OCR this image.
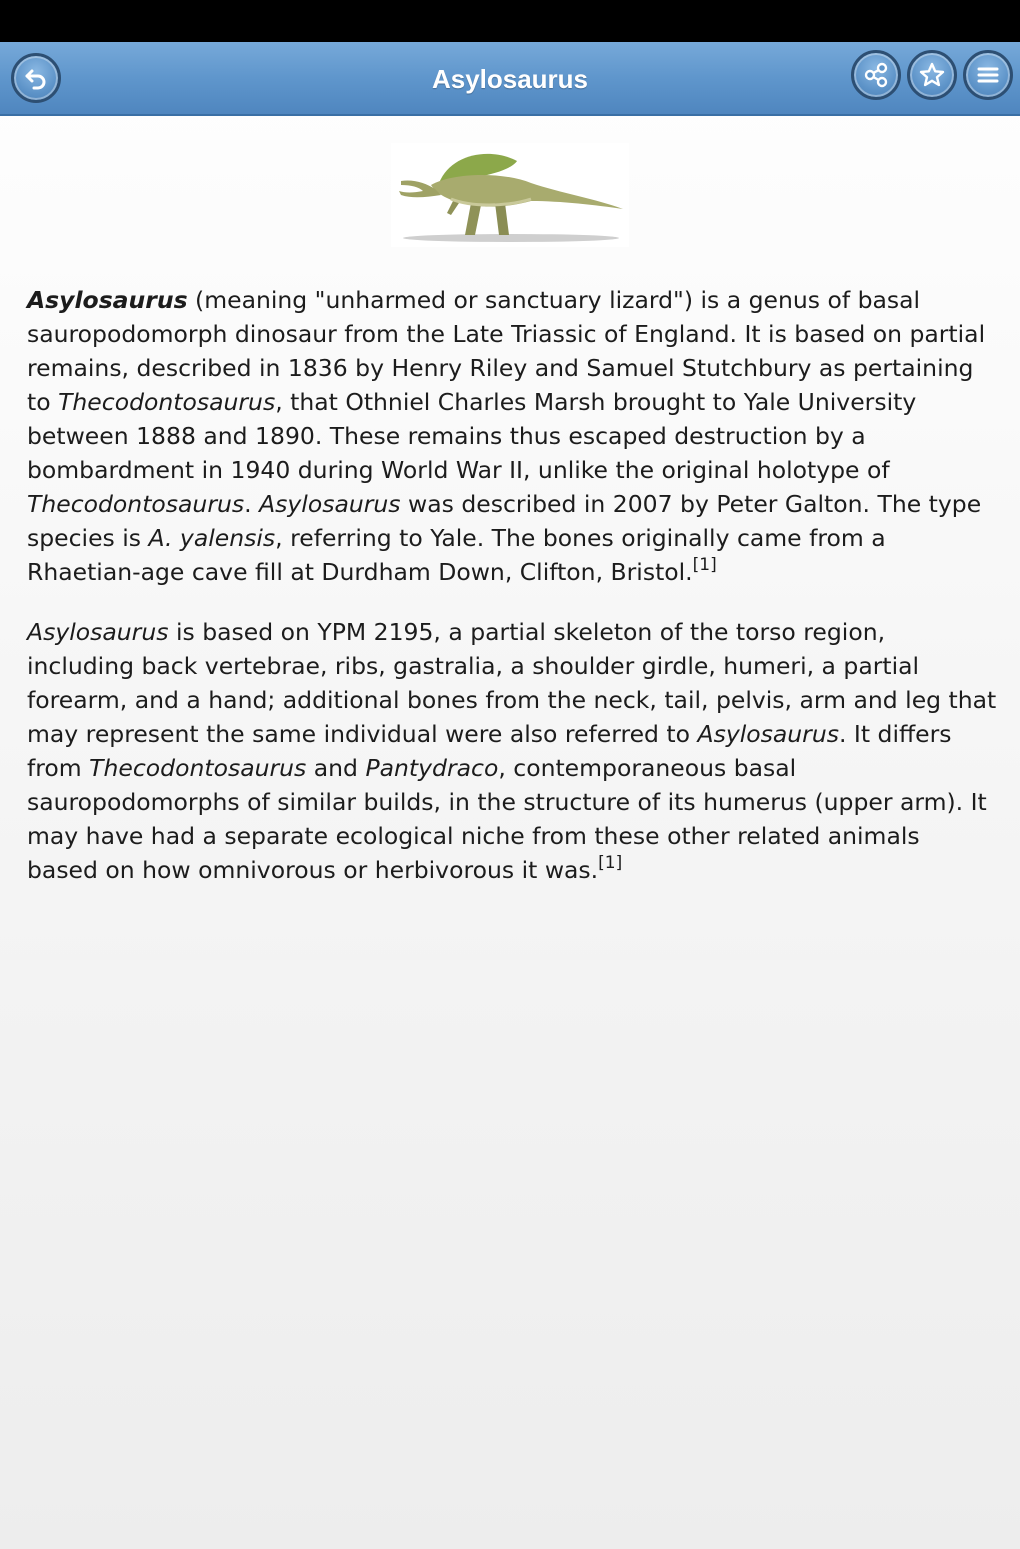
Asylosaurus

Asylosaurus (meaning "unharmed or sanctuary lizard") is a genus of basal sauropodomorph dinosaur from the Late Triassic of England. It is based on partial remains, described in 1836 by Henry Riley and Samuel Stutchbury as pertaining to Thecodontosaurus, that Othniel Charles Marsh brought to Yale University between 1888 and 1890. These remains thus escaped destruction by a bombardment in 1940 during World War II, unlike the original holotype of Thecodontosaurus. Asylosaurus was described in 2007 by Peter Galton. The type species is A. yalensis, referring to Yale. The bones originally came from a Rhaetian-age cave fill at Durdham Down, Clifton, Bristol.[1]

Asylosaurus is based on YPM 2195, a partial skeleton of the torso region, including back vertebrae, ribs, gastralia, a shoulder girdle, humeri, a partial forearm, and a hand; additional bones from the neck, tail, pelvis, arm and leg that may represent the same individual were also referred to Asylosaurus. It differs from Thecodontosaurus and Pantydraco, contemporaneous basal sauropodomorphs of similar builds, in the structure of its humerus (upper arm). It may have had a separate ecological niche from these other related animals based on how omnivorous or herbivorous it was.[1]
